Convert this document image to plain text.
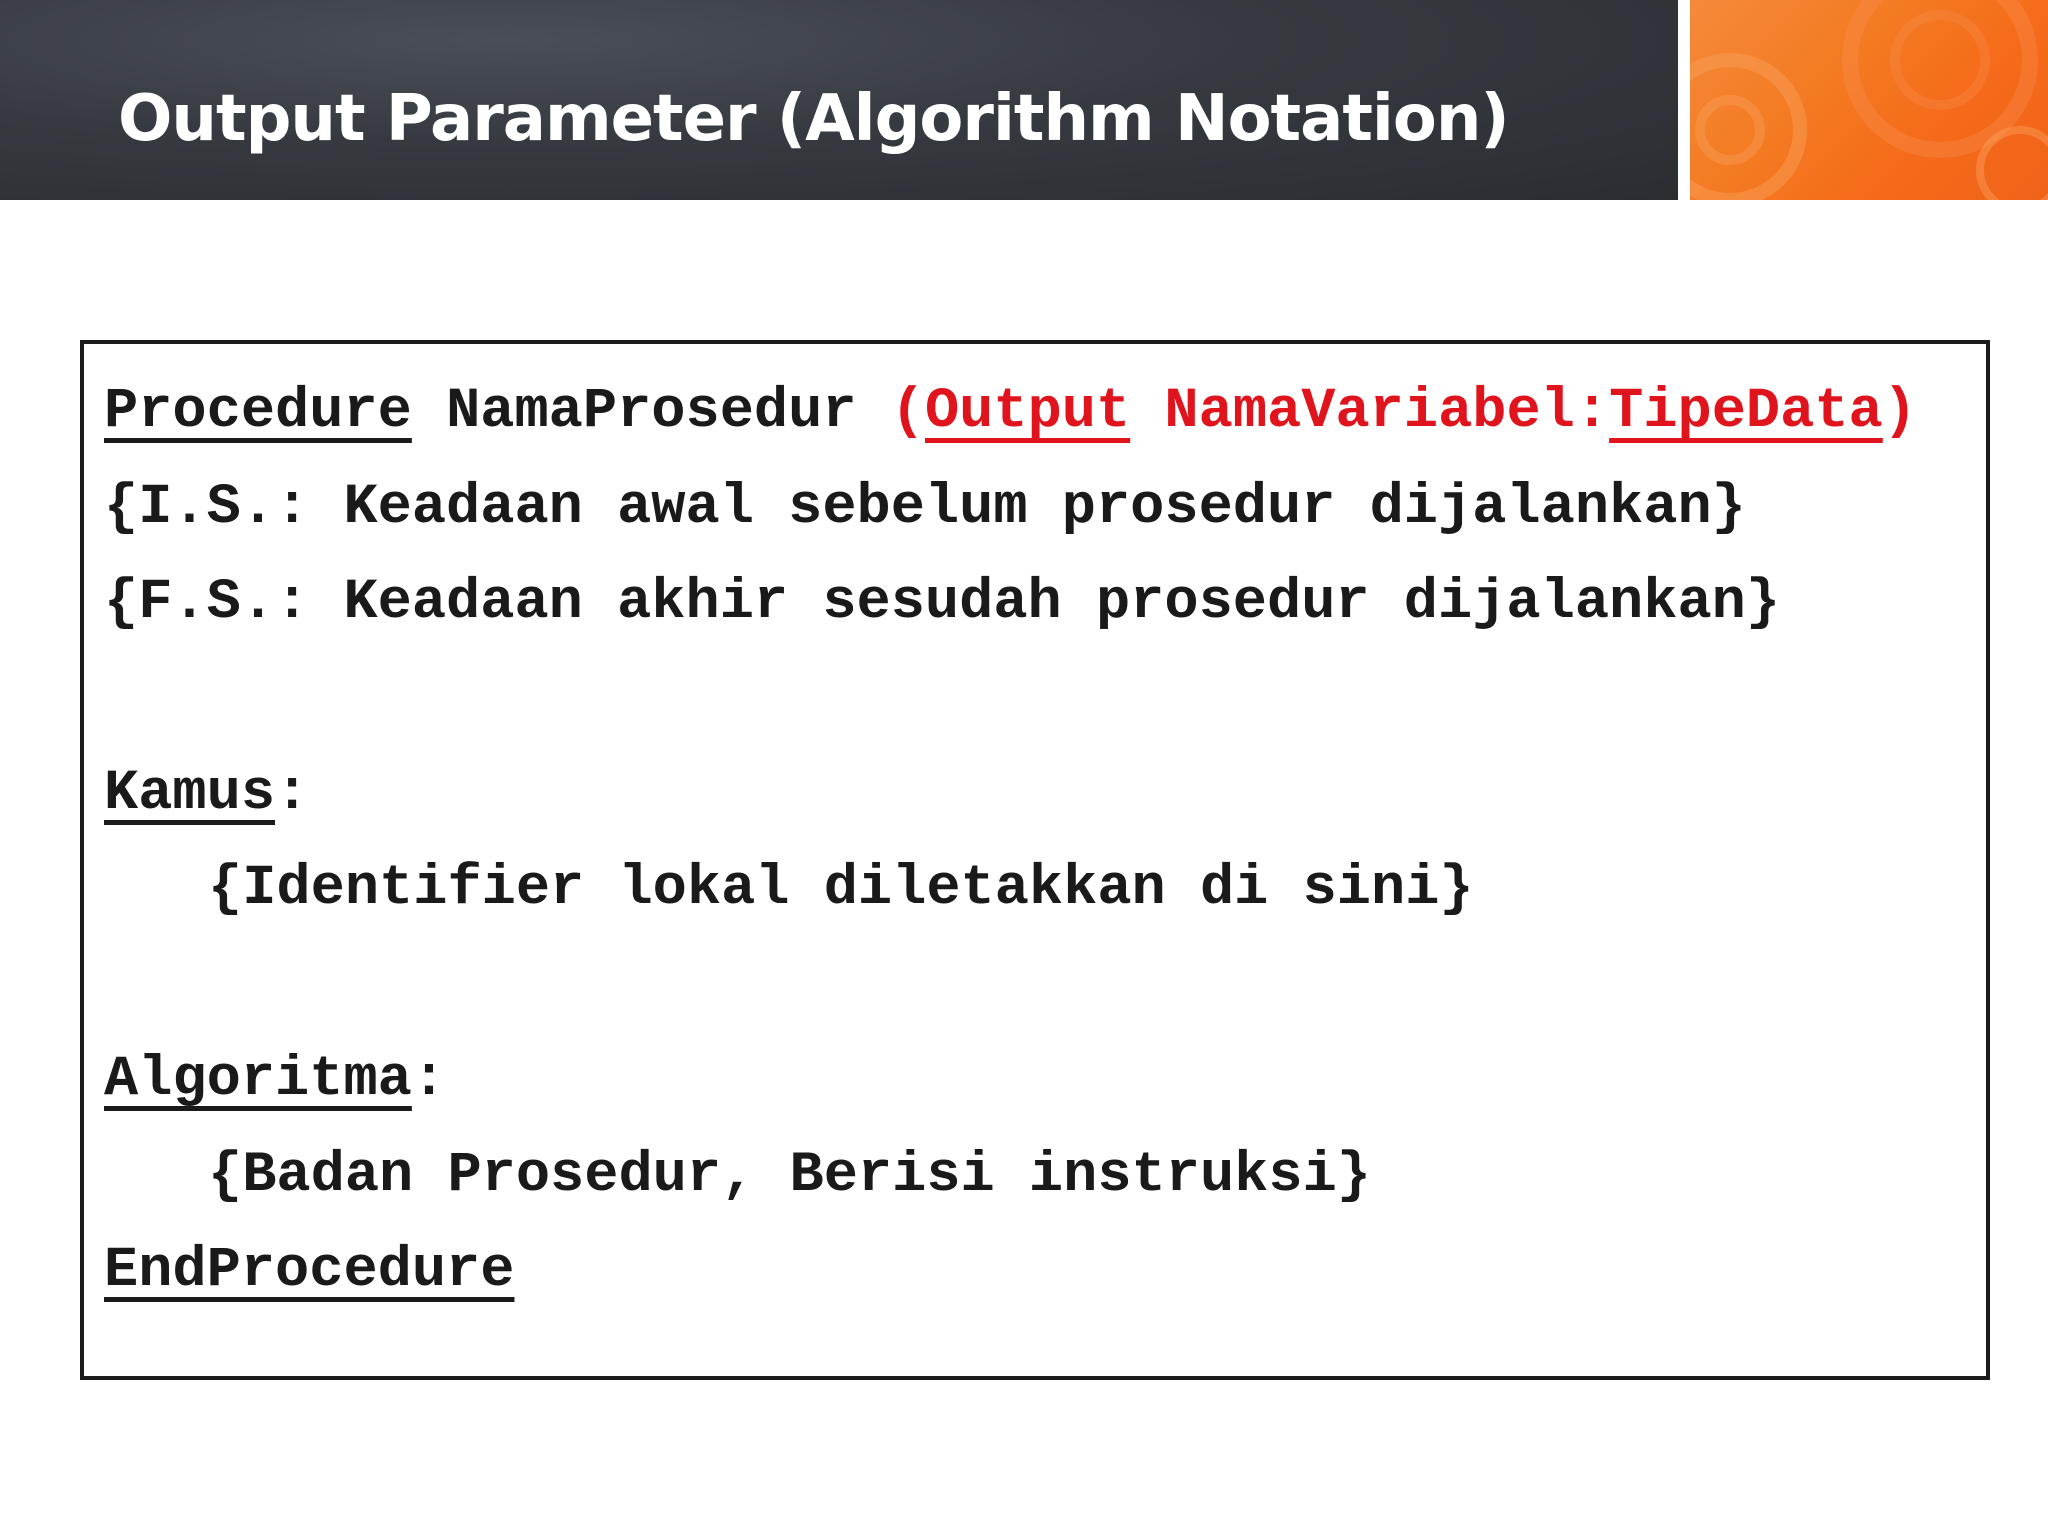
Output Parameter (Algorithm Notation)
Procedure NamaProsedur (Output NamaVariabel:TipeData)
{I.S.: Keadaan awal sebelum prosedur dijalankan}
{F.S.: Keadaan akhir sesudah prosedur dijalankan}
Kamus:
{Identifier lokal diletakkan di sini}
Algoritma:
{Badan Prosedur, Berisi instruksi}
EndProcedure
